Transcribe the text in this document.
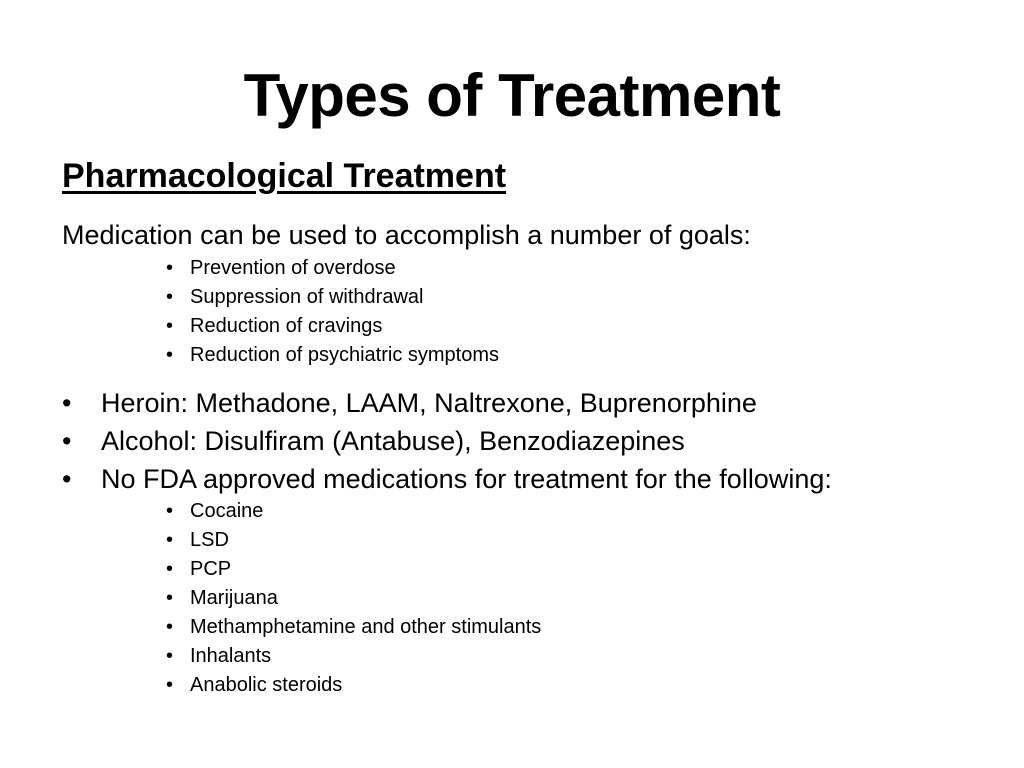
Types of Treatment
Pharmacological Treatment
Medication can be used to accomplish a number of goals:
• Prevention of overdose
• Suppression of withdrawal
• Reduction of cravings
• Reduction of psychiatric symptoms
• Heroin: Methadone, LAAM, Naltrexone, Buprenorphine
• Alcohol: Disulfiram (Antabuse), Benzodiazepines
• No FDA approved medications for treatment for the following:
• Cocaine
• LSD
• PCP
• Marijuana
• Methamphetamine and other stimulants
• Inhalants
• Anabolic steroids
